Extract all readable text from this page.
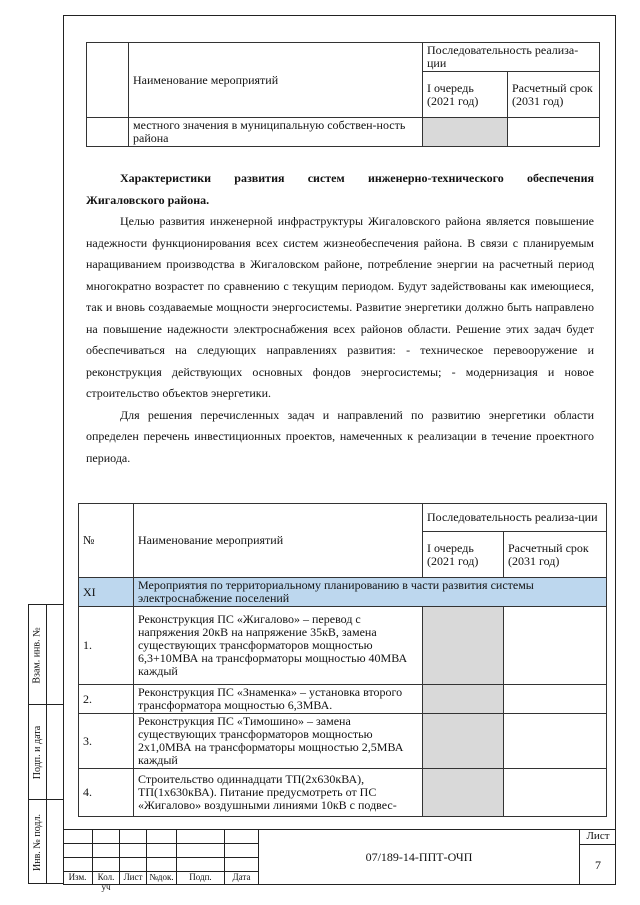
	Наименование мероприятий	Последовательность реализа-ции	
		I очередь (2021 год)	Расчетный срок (2031 год)
	местного значения в муниципальную собствен-ность района		

Характеристики развития систем инженерно-технического обеспечения Жигаловского района.

Целью развития инженерной инфраструктуры Жигаловского района является повышение надежности функционирования всех систем жизнеобеспечения района. В связи с планируемым наращиванием производства в Жигаловском районе, потребление энергии на расчетный период многократно возрастет по сравнению с текущим периодом. Будут задействованы как имеющиеся, так и вновь создаваемые мощности энергосистемы. Развитие энергетики должно быть направлено на повышение надежности электроснабжения всех районов области. Решение этих задач будет обеспечиваться на следующих направлениях развития: - техническое перевооружение и реконструкция действующих основных фондов энергосистемы; - модернизация и новое строительство объектов энергетики.

Для решения перечисленных задач и направлений по развитию энергетики области определен перечень инвестиционных проектов, намеченных к реализации в течение проектного периода.

№	Наименование мероприятий	Последовательность реализа-ции	
		I очередь (2021 год)	Расчетный срок (2031 год)
XI	Мероприятия по территориальному планированию в части развития системы электроснабжение поселений		
1.	Реконструкция ПС «Жигалово» – перевод с напряжения 20кВ на напряжение 35кВ, замена существующих трансформаторов мощностью 6,3+10МВА на трансформаторы мощностью 40МВА каждый		
2.	Реконструкция ПС «Знаменка» – установка второго трансформатора мощностью 6,3МВА.		
3.	Реконструкция ПС «Тимошино» – замена существующих трансформаторов мощностью 2х1,0МВА на трансформаторы мощностью 2,5МВА каждый		
4.	Строительство одиннадцати ТП(2х630кВА), ТП(1х630кВА). Питание предусмотреть от ПС «Жигалово» воздушными линиями 10кВ с подвес-		
Взам. инв. №
Подп. и дата
Инв. № подл.
Изм.	Кол. уч
Лист №док.	Подп.	Дата
07/189-14-ППТ-ОЧП
Лист
7
